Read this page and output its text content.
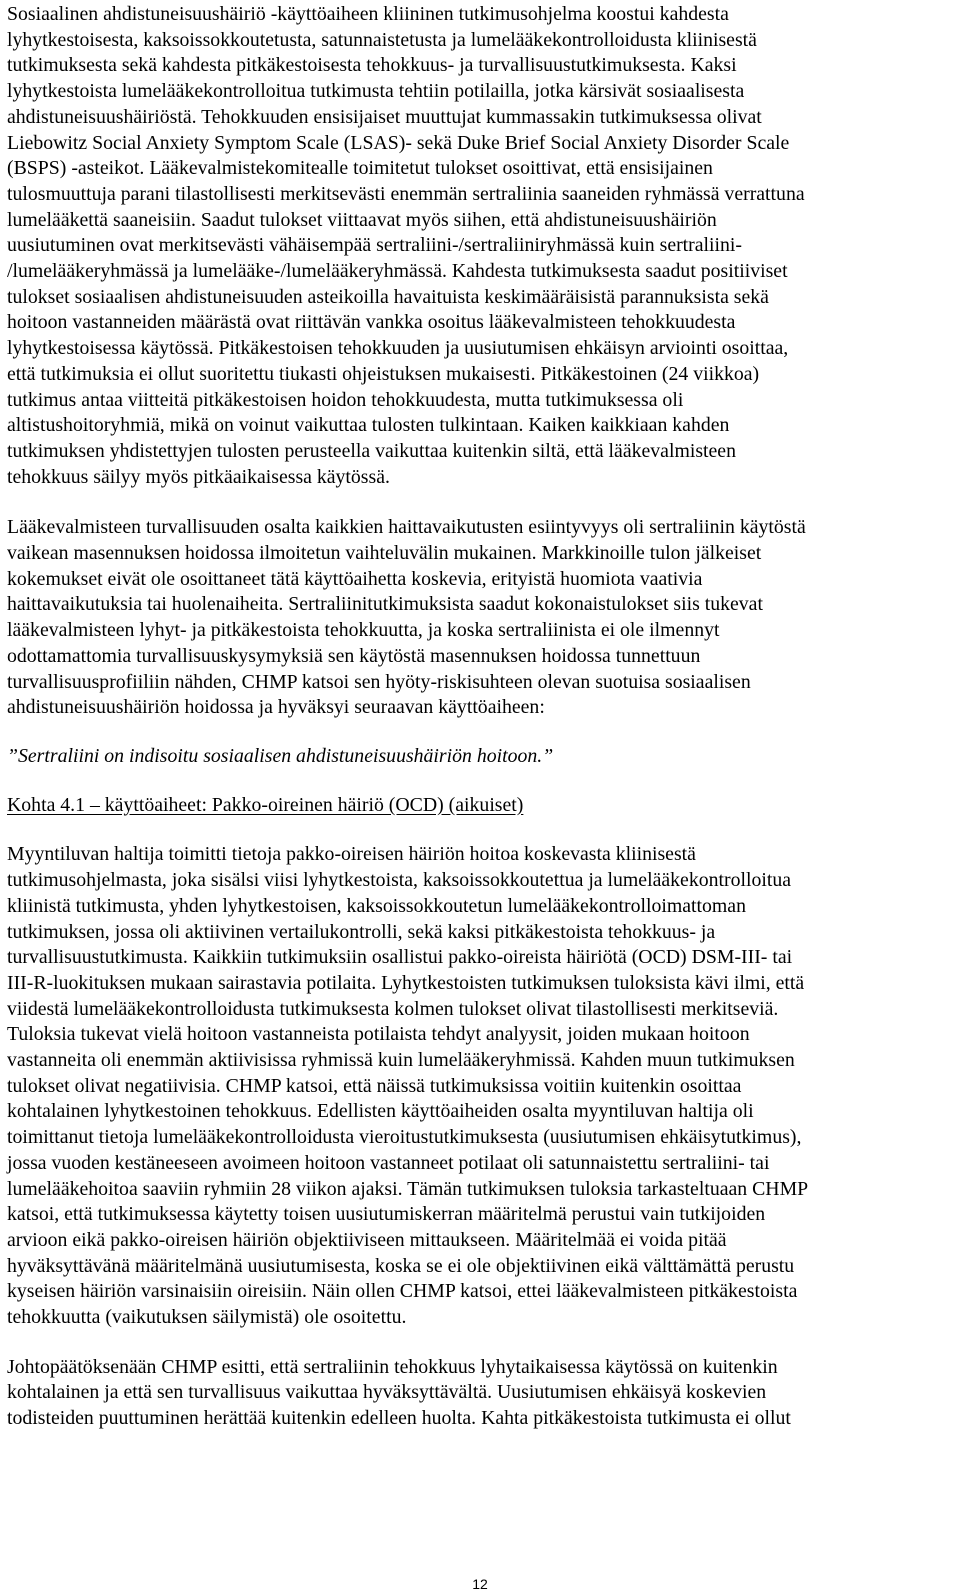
Sosiaalinen ahdistuneisuushäiriö -käyttöaiheen kliininen tutkimusohjelma koostui kahdesta
lyhytkestoisesta, kaksoissokkoutetusta, satunnaistetusta ja lumelääkekontrolloidusta kliinisestä
tutkimuksesta sekä kahdesta pitkäkestoisesta tehokkuus- ja turvallisuustutkimuksesta. Kaksi
lyhytkestoista lumelääkekontrolloitua tutkimusta tehtiin potilailla, jotka kärsivät sosiaalisesta
ahdistuneisuushäiriöstä. Tehokkuuden ensisijaiset muuttujat kummassakin tutkimuksessa olivat
Liebowitz Social Anxiety Symptom Scale (LSAS)- sekä Duke Brief Social Anxiety Disorder Scale
(BSPS) -asteikot. Lääkevalmistekomitealle toimitetut tulokset osoittivat, että ensisijainen
tulosmuuttuja parani tilastollisesti merkitsevästi enemmän sertraliinia saaneiden ryhmässä verrattuna
lumelääkettä saaneisiin. Saadut tulokset viittaavat myös siihen, että ahdistuneisuushäiriön
uusiutuminen ovat merkitsevästi vähäisempää sertraliini-/sertraliiniryhmässä kuin sertraliini-
/lumelääkeryhmässä ja lumelääke-/lumelääkeryhmässä. Kahdesta tutkimuksesta saadut positiiviset
tulokset sosiaalisen ahdistuneisuuden asteikoilla havaituista keskimääräisistä parannuksista sekä
hoitoon vastanneiden määrästä ovat riittävän vankka osoitus lääkevalmisteen tehokkuudesta
lyhytkestoisessa käytössä. Pitkäkestoisen tehokkuuden ja uusiutumisen ehkäisyn arviointi osoittaa,
että tutkimuksia ei ollut suoritettu tiukasti ohjeistuksen mukaisesti. Pitkäkestoinen (24 viikkoa)
tutkimus antaa viitteitä pitkäkestoisen hoidon tehokkuudesta, mutta tutkimuksessa oli
altistushoitoryhmiä, mikä on voinut vaikuttaa tulosten tulkintaan. Kaiken kaikkiaan kahden
tutkimuksen yhdistettyjen tulosten perusteella vaikuttaa kuitenkin siltä, että lääkevalmisteen
tehokkuus säilyy myös pitkäaikaisessa käytössä.

Lääkevalmisteen turvallisuuden osalta kaikkien haittavaikutusten esiintyvyys oli sertraliinin käytöstä
vaikean masennuksen hoidossa ilmoitetun vaihteluvälin mukainen. Markkinoille tulon jälkeiset
kokemukset eivät ole osoittaneet tätä käyttöaihetta koskevia, erityistä huomiota vaativia
haittavaikutuksia tai huolenaiheita. Sertraliinitutkimuksista saadut kokonaistulokset siis tukevat
lääkevalmisteen lyhyt- ja pitkäkestoista tehokkuutta, ja koska sertraliinista ei ole ilmennyt
odottamattomia turvallisuuskysymyksiä sen käytöstä masennuksen hoidossa tunnettuun
turvallisuusprofiiliin nähden, CHMP katsoi sen hyöty-riskisuhteen olevan suotuisa sosiaalisen
ahdistuneisuushäiriön hoidossa ja hyväksyi seuraavan käyttöaiheen:

”Sertraliini on indisoitu sosiaalisen ahdistuneisuushäiriön hoitoon.”

Kohta 4.1 – käyttöaiheet: Pakko-oireinen häiriö (OCD) (aikuiset)

Myyntiluvan haltija toimitti tietoja pakko-oireisen häiriön hoitoa koskevasta kliinisestä
tutkimusohjelmasta, joka sisälsi viisi lyhytkestoista, kaksoissokkoutettua ja lumelääkekontrolloitua
kliinistä tutkimusta, yhden lyhytkestoisen, kaksoissokkoutetun lumelääkekontrolloimattoman
tutkimuksen, jossa oli aktiivinen vertailukontrolli, sekä kaksi pitkäkestoista tehokkuus- ja
turvallisuustutkimusta. Kaikkiin tutkimuksiin osallistui pakko-oireista häiriötä (OCD) DSM-III- tai
III-R-luokituksen mukaan sairastavia potilaita. Lyhytkestoisten tutkimuksen tuloksista kävi ilmi, että
viidestä lumelääkekontrolloidusta tutkimuksesta kolmen tulokset olivat tilastollisesti merkitseviä.
Tuloksia tukevat vielä hoitoon vastanneista potilaista tehdyt analyysit, joiden mukaan hoitoon
vastanneita oli enemmän aktiivisissa ryhmissä kuin lumelääkeryhmissä. Kahden muun tutkimuksen
tulokset olivat negatiivisia. CHMP katsoi, että näissä tutkimuksissa voitiin kuitenkin osoittaa
kohtalainen lyhytkestoinen tehokkuus. Edellisten käyttöaiheiden osalta myyntiluvan haltija oli
toimittanut tietoja lumelääkekontrolloidusta vieroitustutkimuksesta (uusiutumisen ehkäisytutkimus),
jossa vuoden kestäneeseen avoimeen hoitoon vastanneet potilaat oli satunnaistettu sertraliini- tai
lumelääkehoitoa saaviin ryhmiin 28 viikon ajaksi. Tämän tutkimuksen tuloksia tarkasteltuaan CHMP
katsoi, että tutkimuksessa käytetty toisen uusiutumiskerran määritelmä perustui vain tutkijoiden
arvioon eikä pakko-oireisen häiriön objektiiviseen mittaukseen. Määritelmää ei voida pitää
hyväksyttävänä määritelmänä uusiutumisesta, koska se ei ole objektiivinen eikä välttämättä perustu
kyseisen häiriön varsinaisiin oireisiin. Näin ollen CHMP katsoi, ettei lääkevalmisteen pitkäkestoista
tehokkuutta (vaikutuksen säilymistä) ole osoitettu.

Johtopäätöksenään CHMP esitti, että sertraliinin tehokkuus lyhytaikaisessa käytössä on kuitenkin
kohtalainen ja että sen turvallisuus vaikuttaa hyväksyttävältä. Uusiutumisen ehkäisyä koskevien
todisteiden puuttuminen herättää kuitenkin edelleen huolta. Kahta pitkäkestoista tutkimusta ei ollut

12
